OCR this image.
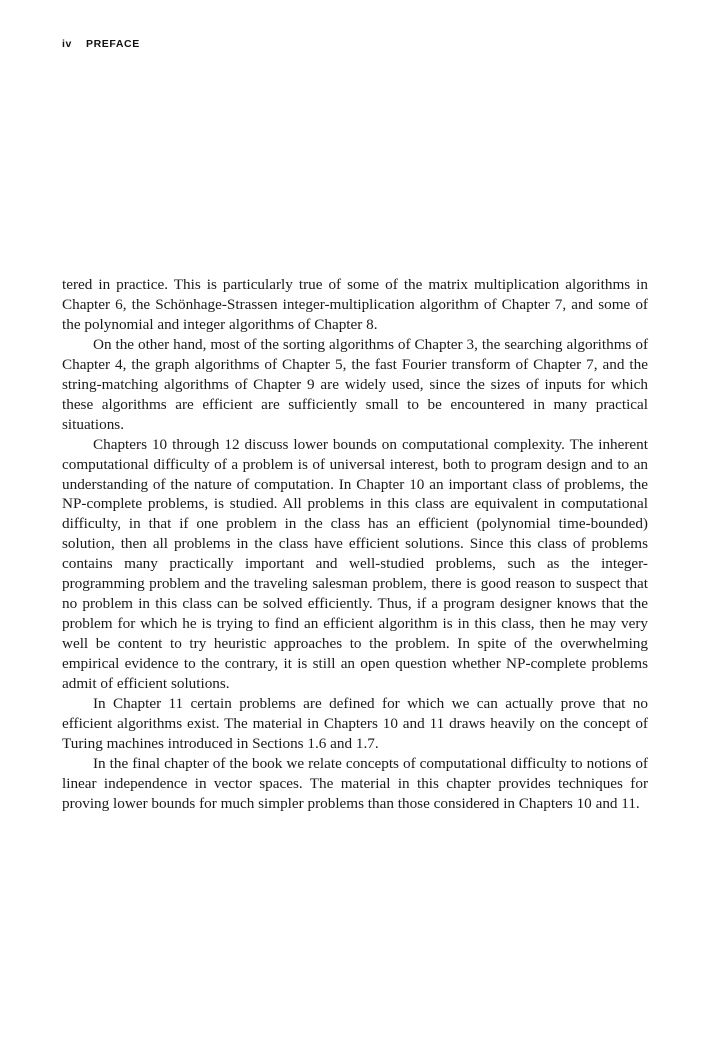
iv PREFACE

tered in practice. This is particularly true of some of the matrix multiplication algorithms in Chapter 6, the Schönhage-Strassen integer-multiplication algorithm of Chapter 7, and some of the polynomial and integer algorithms of Chapter 8.

On the other hand, most of the sorting algorithms of Chapter 3, the searching algorithms of Chapter 4, the graph algorithms of Chapter 5, the fast Fourier transform of Chapter 7, and the string-matching algorithms of Chapter 9 are widely used, since the sizes of inputs for which these algorithms are efficient are sufficiently small to be encountered in many practical situations.

Chapters 10 through 12 discuss lower bounds on computational complexity. The inherent computational difficulty of a problem is of universal interest, both to program design and to an understanding of the nature of computation. In Chapter 10 an important class of problems, the NP-complete problems, is studied. All problems in this class are equivalent in computational difficulty, in that if one problem in the class has an efficient (polynomial time-bounded) solution, then all problems in the class have efficient solutions. Since this class of problems contains many practically important and well-studied problems, such as the integer-programming problem and the traveling salesman problem, there is good reason to suspect that no problem in this class can be solved efficiently. Thus, if a program designer knows that the problem for which he is trying to find an efficient algorithm is in this class, then he may very well be content to try heuristic approaches to the problem. In spite of the overwhelming empirical evidence to the contrary, it is still an open question whether NP-complete problems admit of efficient solutions.

In Chapter 11 certain problems are defined for which we can actually prove that no efficient algorithms exist. The material in Chapters 10 and 11 draws heavily on the concept of Turing machines introduced in Sections 1.6 and 1.7.

In the final chapter of the book we relate concepts of computational difficulty to notions of linear independence in vector spaces. The material in this chapter provides techniques for proving lower bounds for much simpler problems than those considered in Chapters 10 and 11.
